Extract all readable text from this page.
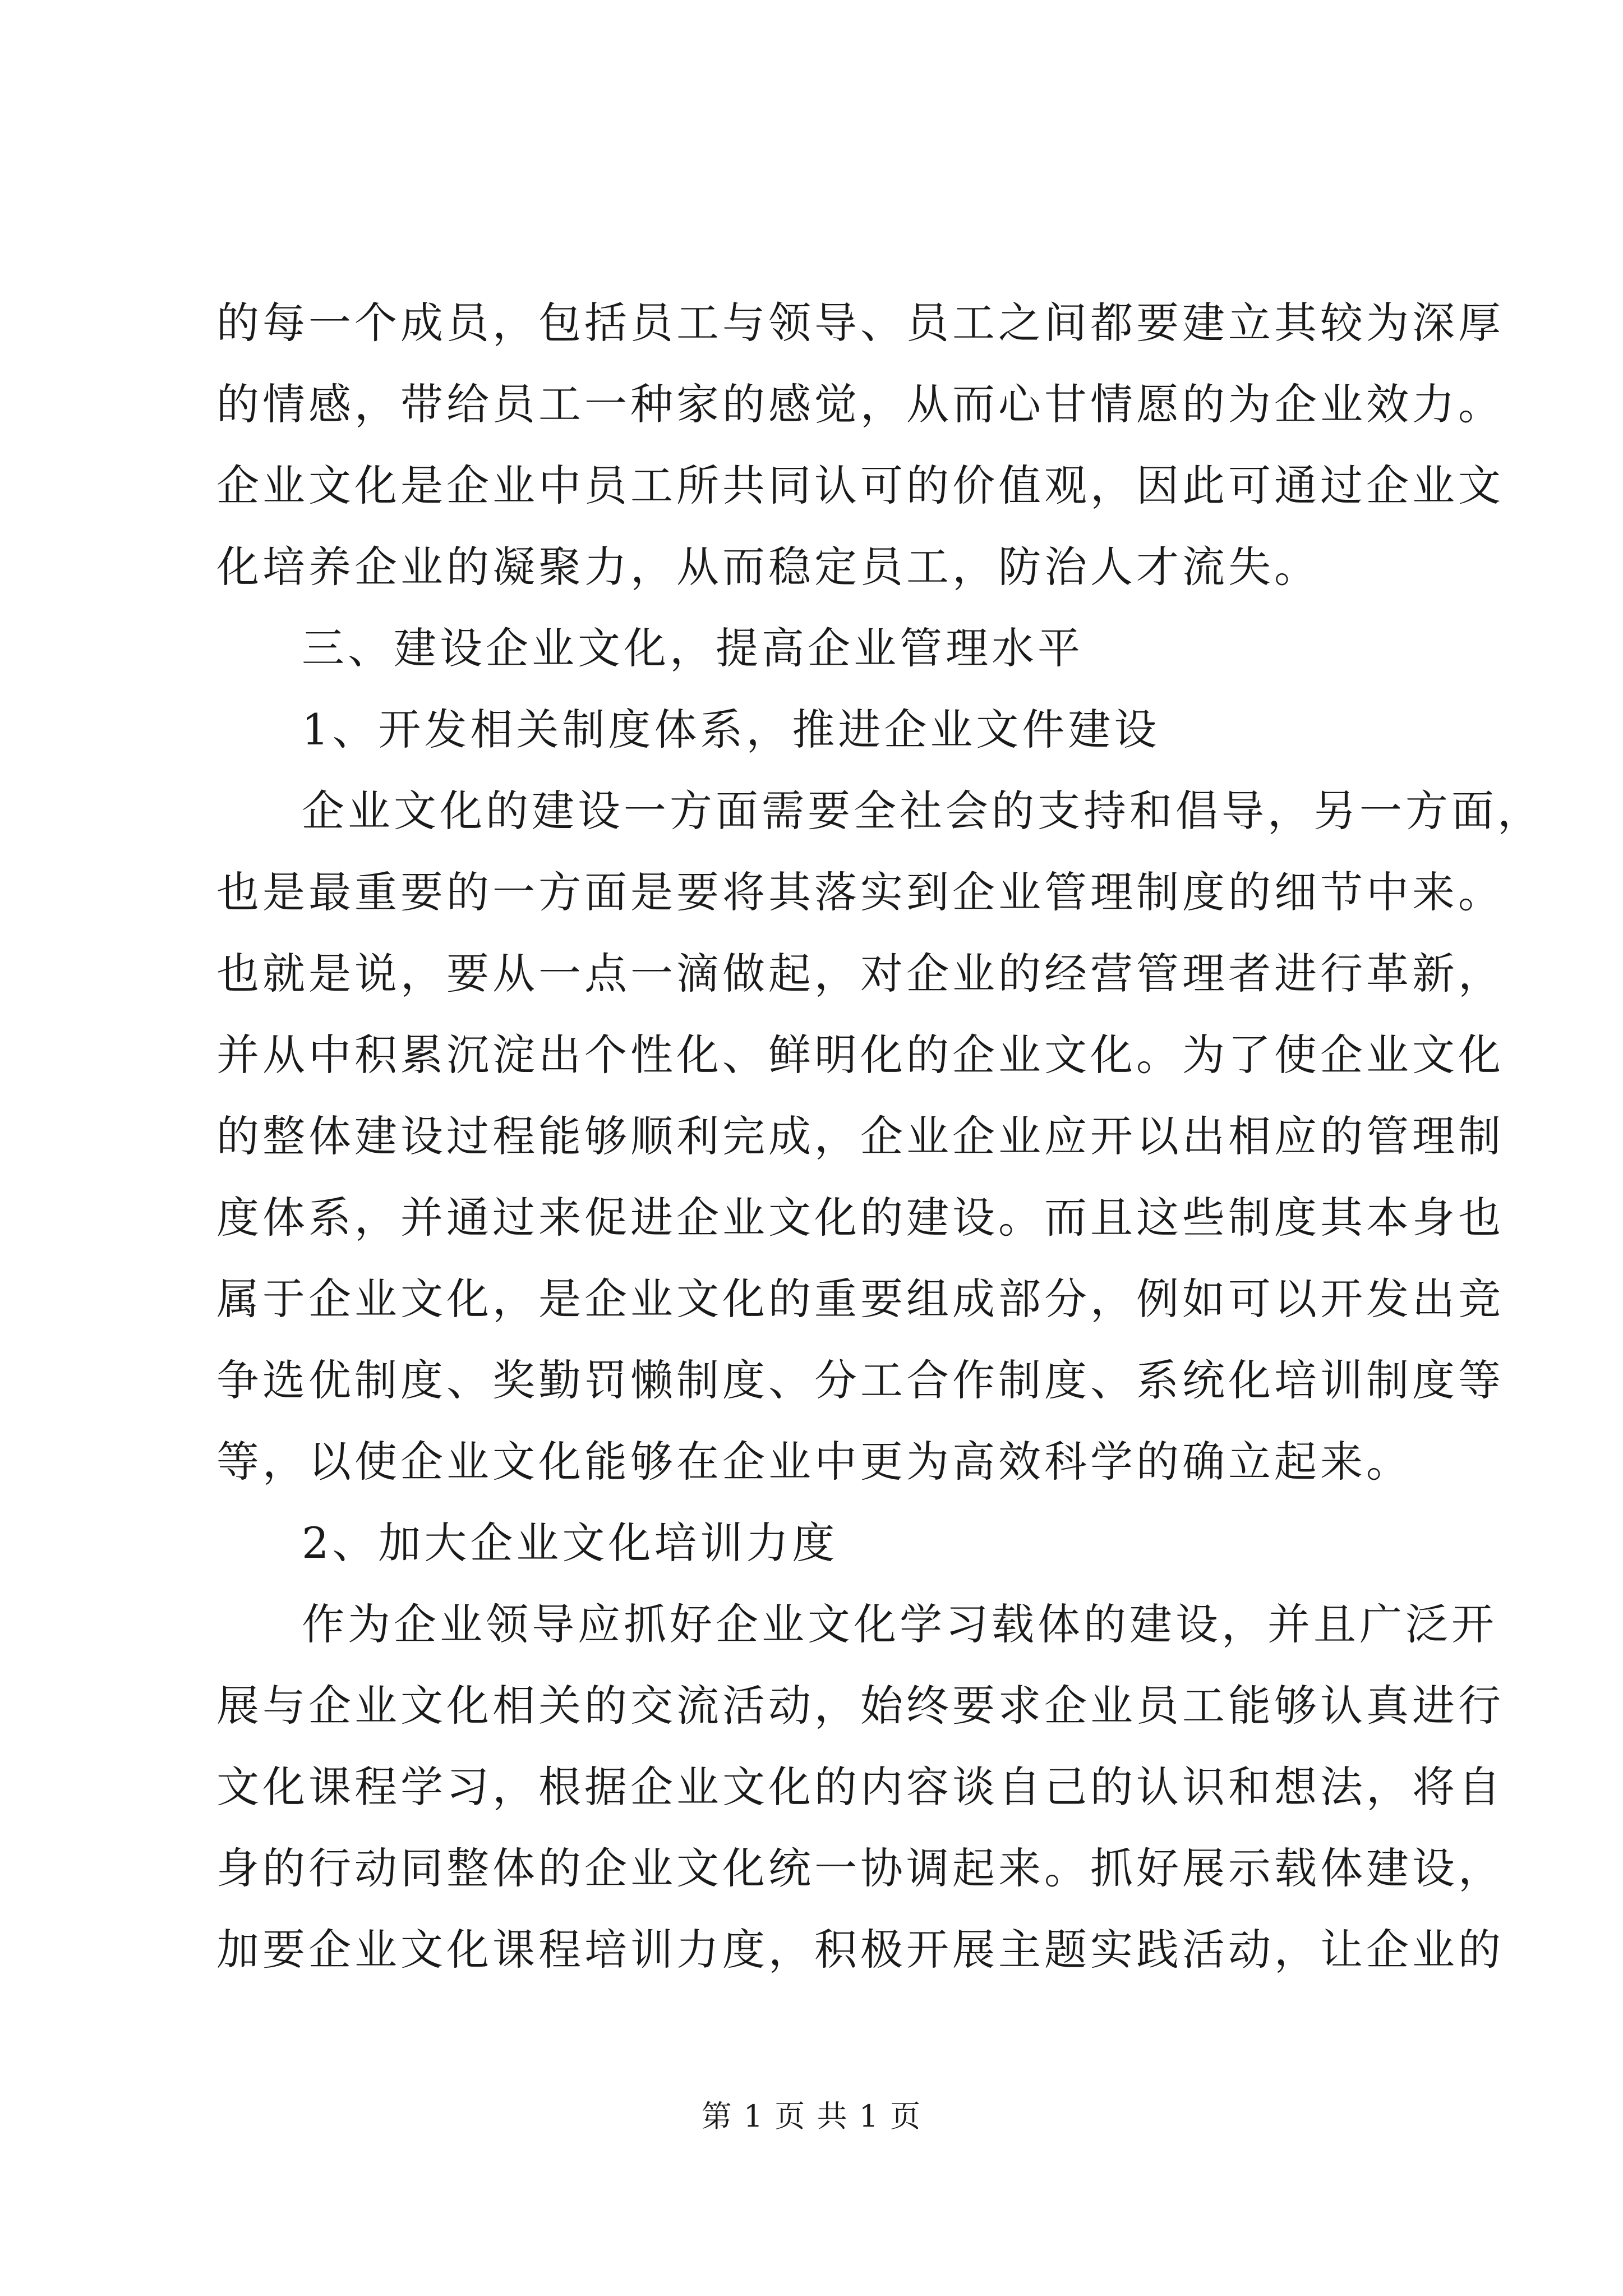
的每一个成员，包括员工与领导、员工之间都要建立其较为深厚
的情感，带给员工一种家的感觉，从而心甘情愿的为企业效力。
企业文化是企业中员工所共同认可的价值观，因此可通过企业文
化培养企业的凝聚力，从而稳定员工，防治人才流失。
三、建设企业文化，提高企业管理水平
1、开发相关制度体系，推进企业文件建设
企业文化的建设一方面需要全社会的支持和倡导，另一方面，
也是最重要的一方面是要将其落实到企业管理制度的细节中来。
也就是说，要从一点一滴做起，对企业的经营管理者进行革新，
并从中积累沉淀出个性化、鲜明化的企业文化。为了使企业文化
的整体建设过程能够顺利完成，企业企业应开以出相应的管理制
度体系，并通过来促进企业文化的建设。而且这些制度其本身也
属于企业文化，是企业文化的重要组成部分，例如可以开发出竞
争选优制度、奖勤罚懒制度、分工合作制度、系统化培训制度等
等，以使企业文化能够在企业中更为高效科学的确立起来。
2、加大企业文化培训力度
作为企业领导应抓好企业文化学习载体的建设，并且广泛开
展与企业文化相关的交流活动，始终要求企业员工能够认真进行
文化课程学习，根据企业文化的内容谈自己的认识和想法，将自
身的行动同整体的企业文化统一协调起来。抓好展示载体建设，
加要企业文化课程培训力度，积极开展主题实践活动，让企业的
第 1 页 共 1 页
